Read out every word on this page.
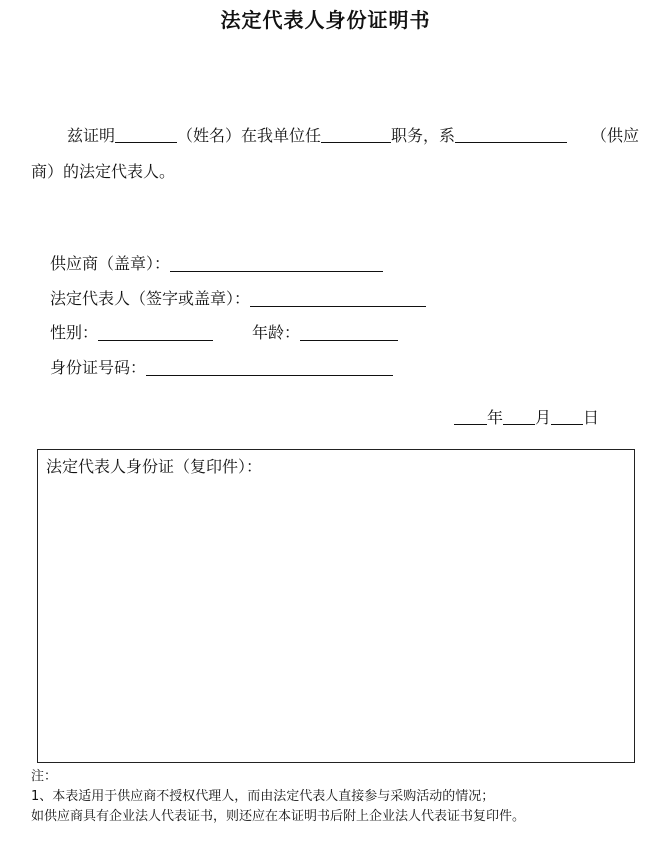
法定代表人身份证明书
兹证明	（姓名）在我单位任	职务，系	（供应商）的法定代表人。
供应商（盖章）：
法定代表人（签字或盖章）：
性别：	年龄：
身份证号码：
年 月 日
法定代表人身份证（复印件）：
注：
1、本表适用于供应商不授权代理人，而由法定代表人直接参与采购活动的情况；
如供应商具有企业法人代表证书，则还应在本证明书后附上企业法人代表证书复印件。
